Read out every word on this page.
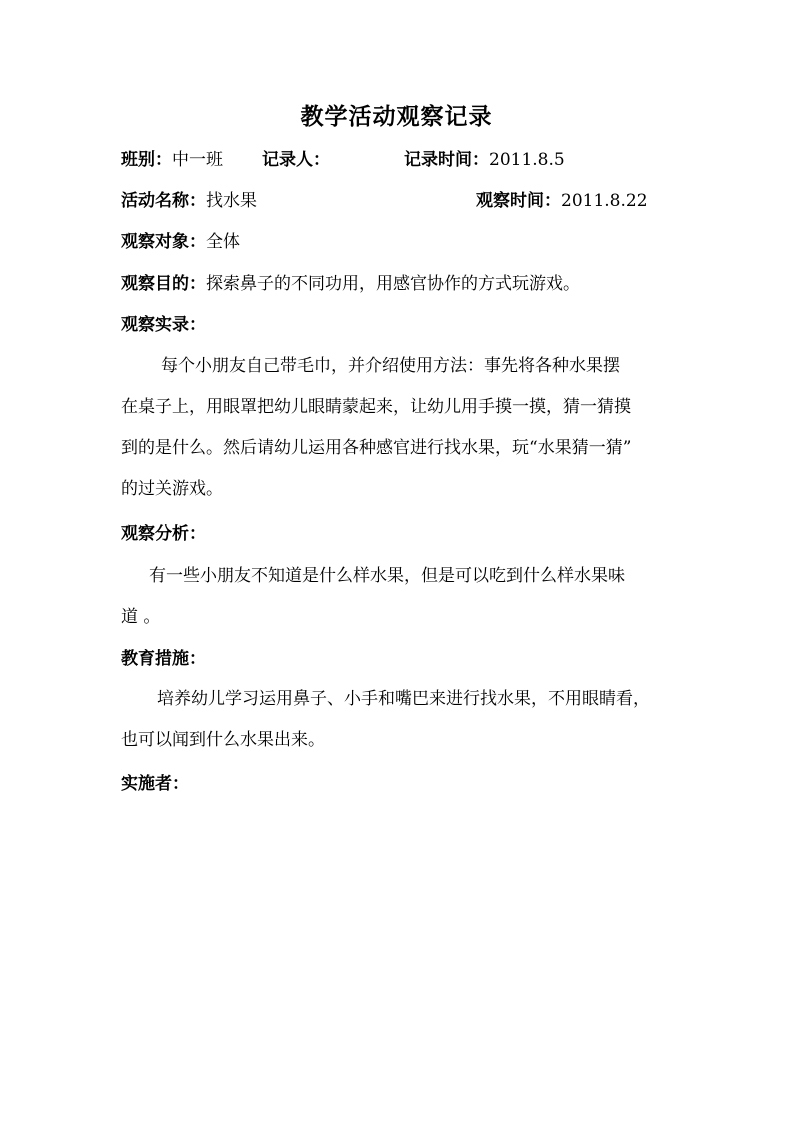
教学活动观察记录
班别：中一班 记录人：	记录时间：2011.8.5
活动名称：找水果	观察时间：2011.8.22
观察对象：全体
观察目的：探索鼻子的不同功用，用感官协作的方式玩游戏。
观察实录：
每个小朋友自己带毛巾，并介绍使用方法：事先将各种水果摆
在桌子上，用眼罩把幼儿眼睛蒙起来，让幼儿用手摸一摸，猜一猜摸
到的是什么。然后请幼儿运用各种感官进行找水果，玩“水果猜一猜”
的过关游戏。
观察分析：
有一些小朋友不知道是什么样水果，但是可以吃到什么样水果味
道 。
教育措施：
培养幼儿学习运用鼻子、小手和嘴巴来进行找水果，不用眼睛看，
也可以闻到什么水果出来。
实施者：
